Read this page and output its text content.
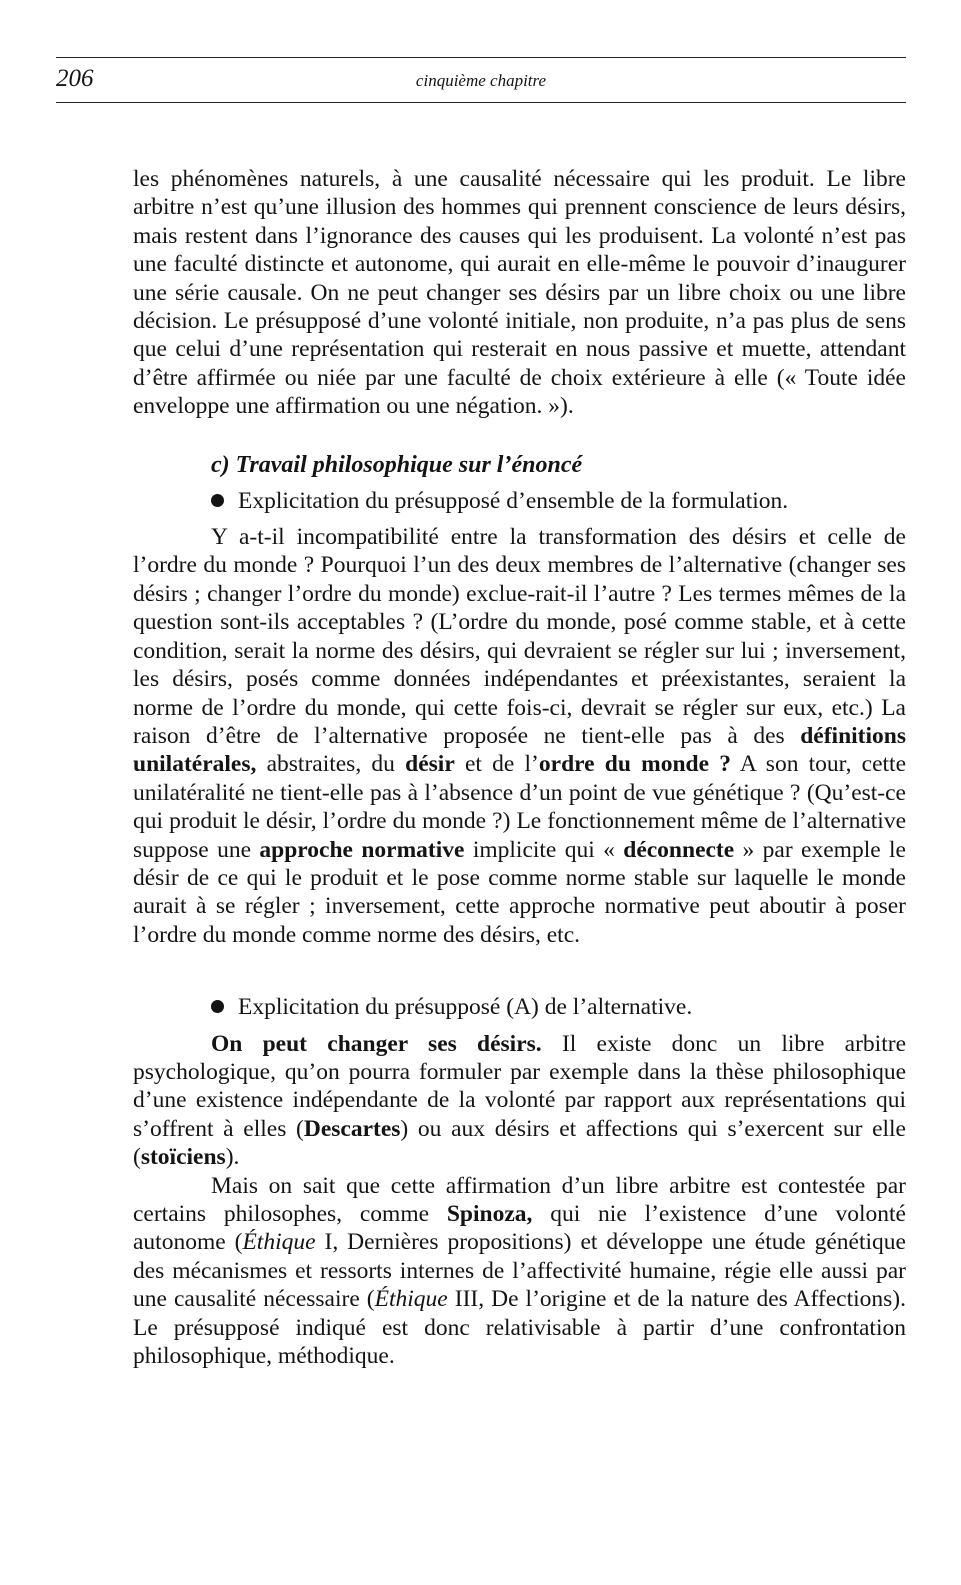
206	cinquième chapitre

les phénomènes naturels, à une causalité nécessaire qui les produit. Le libre arbitre n’est qu’une illusion des hommes qui prennent conscience de leurs désirs, mais restent dans l’ignorance des causes qui les produisent. La volonté n’est pas une faculté distincte et autonome, qui aurait en elle-même le pouvoir d’inaugurer une série causale. On ne peut changer ses désirs par un libre choix ou une libre décision. Le présupposé d’une volonté initiale, non produite, n’a pas plus de sens que celui d’une représentation qui resterait en nous passive et muette, attendant d’être affirmée ou niée par une faculté de choix extérieure à elle (« Toute idée enveloppe une affirmation ou une négation. »).

c) Travail philosophique sur l’énoncé
Explicitation du présupposé d’ensemble de la formulation.

Y a-t-il incompatibilité entre la transformation des désirs et celle de l’ordre du monde ? Pourquoi l’un des deux membres de l’alternative (changer ses désirs ; changer l’ordre du monde) exclue-rait-il l’autre ? Les termes mêmes de la question sont-ils acceptables ? (L’ordre du monde, posé comme stable, et à cette condition, serait la norme des désirs, qui devraient se régler sur lui ; inversement, les désirs, posés comme données indépendantes et préexistantes, seraient la norme de l’ordre du monde, qui cette fois-ci, devrait se régler sur eux, etc.) La raison d’être de l’alternative proposée ne tient-elle pas à des définitions unilatérales, abstraites, du désir et de l’ordre du monde ? A son tour, cette unilatéralité ne tient-elle pas à l’absence d’un point de vue génétique ? (Qu’est-ce qui produit le désir, l’ordre du monde ?) Le fonctionnement même de l’alternative suppose une approche normative implicite qui « déconnecte » par exemple le désir de ce qui le produit et le pose comme norme stable sur laquelle le monde aurait à se régler ; inversement, cette approche normative peut aboutir à poser l’ordre du monde comme norme des désirs, etc.

Explicitation du présupposé (A) de l’alternative.

On peut changer ses désirs. Il existe donc un libre arbitre psychologique, qu’on pourra formuler par exemple dans la thèse philosophique d’une existence indépendante de la volonté par rapport aux représentations qui s’offrent à elles (Descartes) ou aux désirs et affections qui s’exercent sur elle (stoïciens).

Mais on sait que cette affirmation d’un libre arbitre est contestée par certains philosophes, comme Spinoza, qui nie l’existence d’une volonté autonome (Éthique I, Dernières propositions) et développe une étude génétique des mécanismes et ressorts internes de l’affectivité humaine, régie elle aussi par une causalité nécessaire (Éthique III, De l’origine et de la nature des Affections). Le présupposé indiqué est donc relativisable à partir d’une confrontation philosophique, méthodique.
